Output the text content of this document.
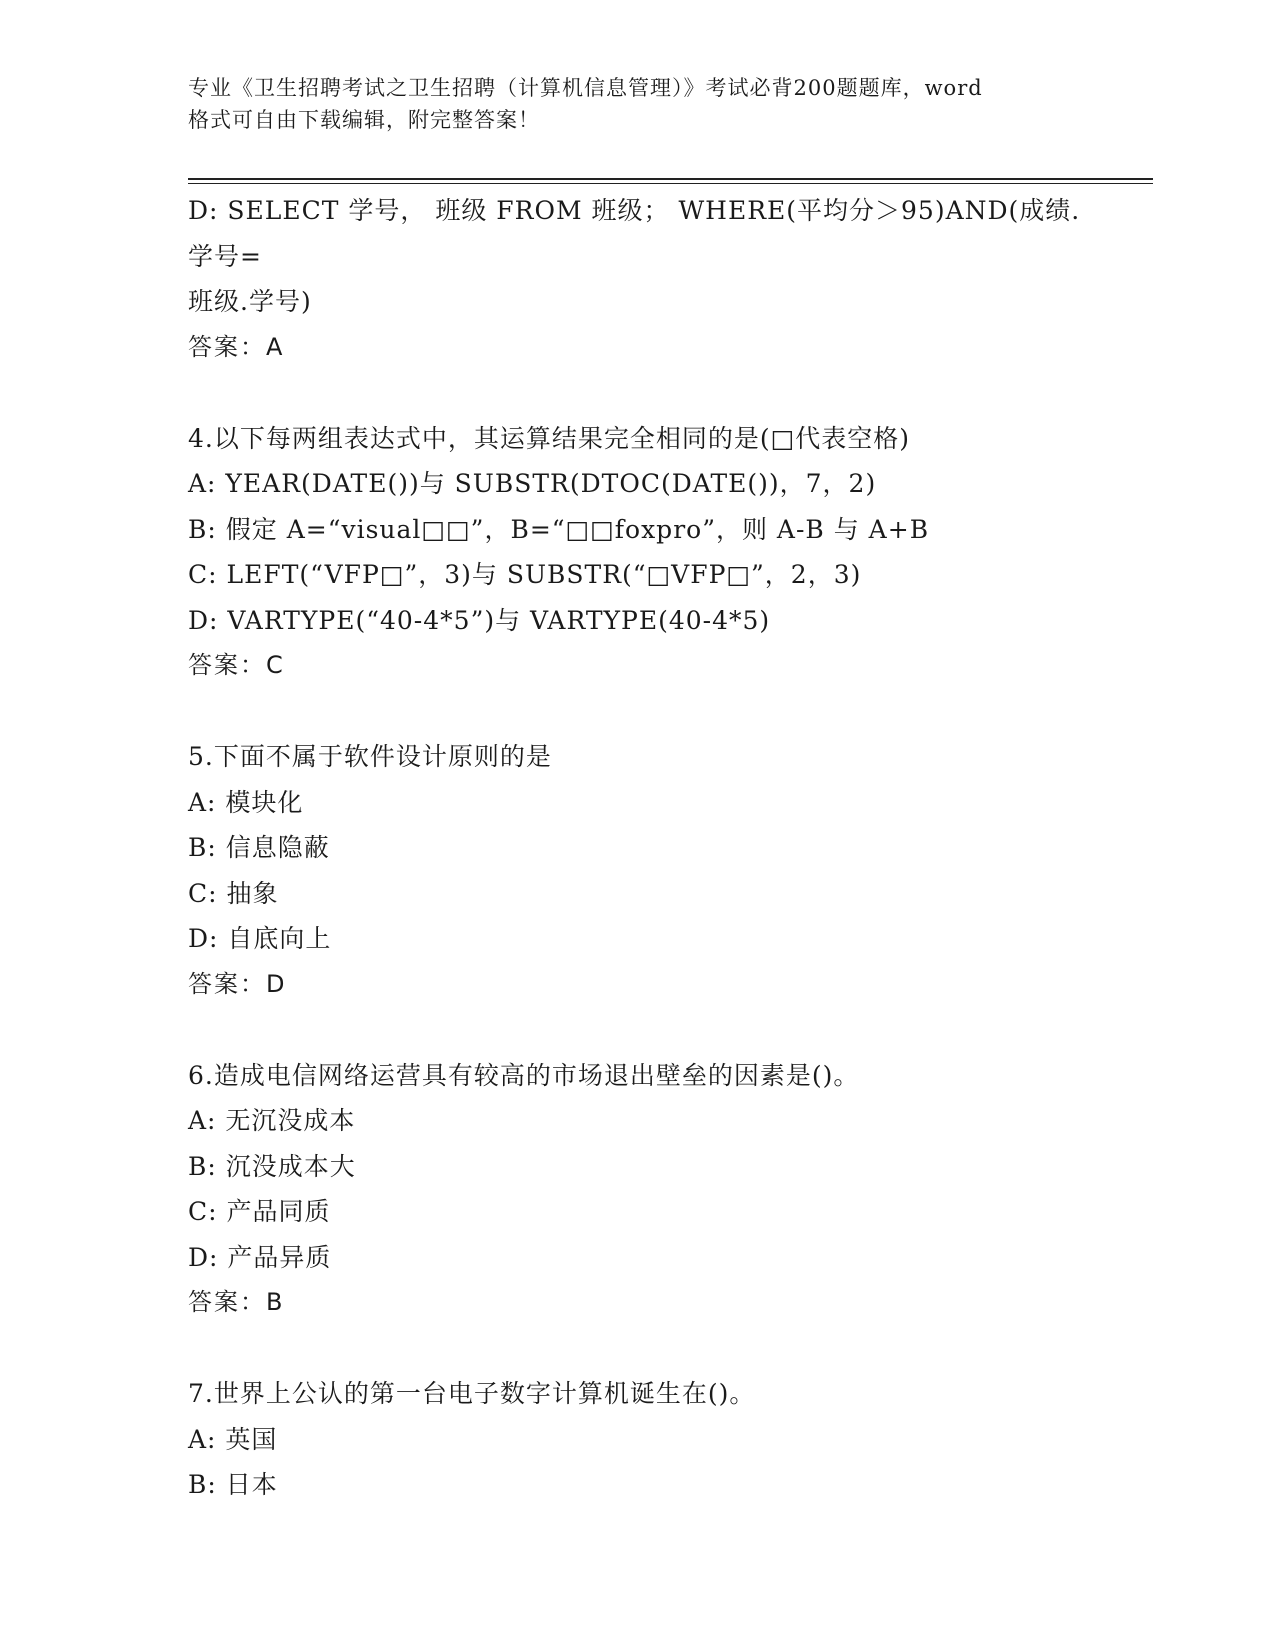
专业《卫生招聘考试之卫生招聘（计算机信息管理）》考试必背200题题库，word
格式可自由下载编辑，附完整答案！
D: SELECT 学号， 班级 FROM 班级； WHERE(平均分＞95)AND(成绩.学号=
班级.学号)
答案：A
4.以下每两组表达式中，其运算结果完全相同的是(□代表空格)
A: YEAR(DATE())与 SUBSTR(DTOC(DATE())，7，2)
B: 假定 A=“visual□□”，B=“□□foxpro”，则 A-B 与 A+B
C: LEFT(“VFP□”，3)与 SUBSTR(“□VFP□”，2，3)
D: VARTYPE(“40-4*5”)与 VARTYPE(40-4*5)
答案：C
5.下面不属于软件设计原则的是
A: 模块化
B: 信息隐蔽
C: 抽象
D: 自底向上
答案：D
6.造成电信网络运营具有较高的市场退出壁垒的因素是()。
A: 无沉没成本
B: 沉没成本大
C: 产品同质
D: 产品异质
答案：B
7.世界上公认的第一台电子数字计算机诞生在()。
A: 英国
B: 日本
